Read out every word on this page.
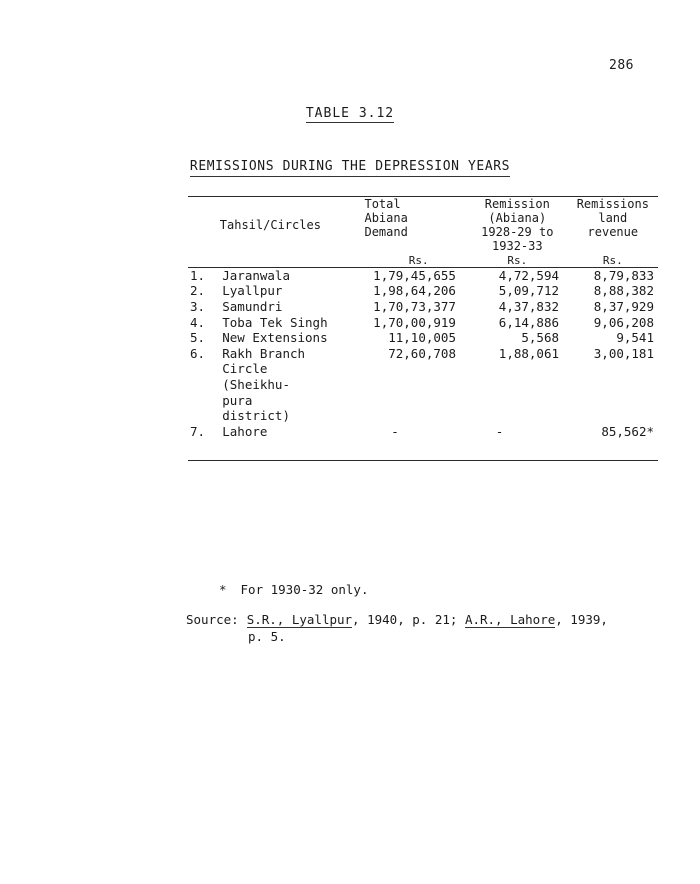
286
TABLE 3.12
REMISSIONS DURING THE DEPRESSION YEARS
	Tahsil/Circles	
Total
Abiana
Demand

Remission
(Abiana)
1928-29 to
1932-33

Remissions
land
revenue

		Rs.	Rs.	Rs.
1.	Jaranwala	1,79,45,655	4,72,594	8,79,833
2.	Lyallpur	1,98,64,206	5,09,712	8,88,382
3.	Samundri	1,70,73,377	4,37,832	8,37,929
4.	Toba Tek Singh	1,70,00,919	6,14,886	9,06,208
5.	New Extensions	11,10,005	5,568	9,541
6.	Rakh Branch
Circle
(Sheikhu-
pura
district)	72,60,708	1,88,061	3,00,181
7.	Lahore	-	-	85,562*

* For 1930-32 only.
Source: S.R., Lyallpur, 1940, p. 21; A.R., Lahore, 1939,
p. 5.
